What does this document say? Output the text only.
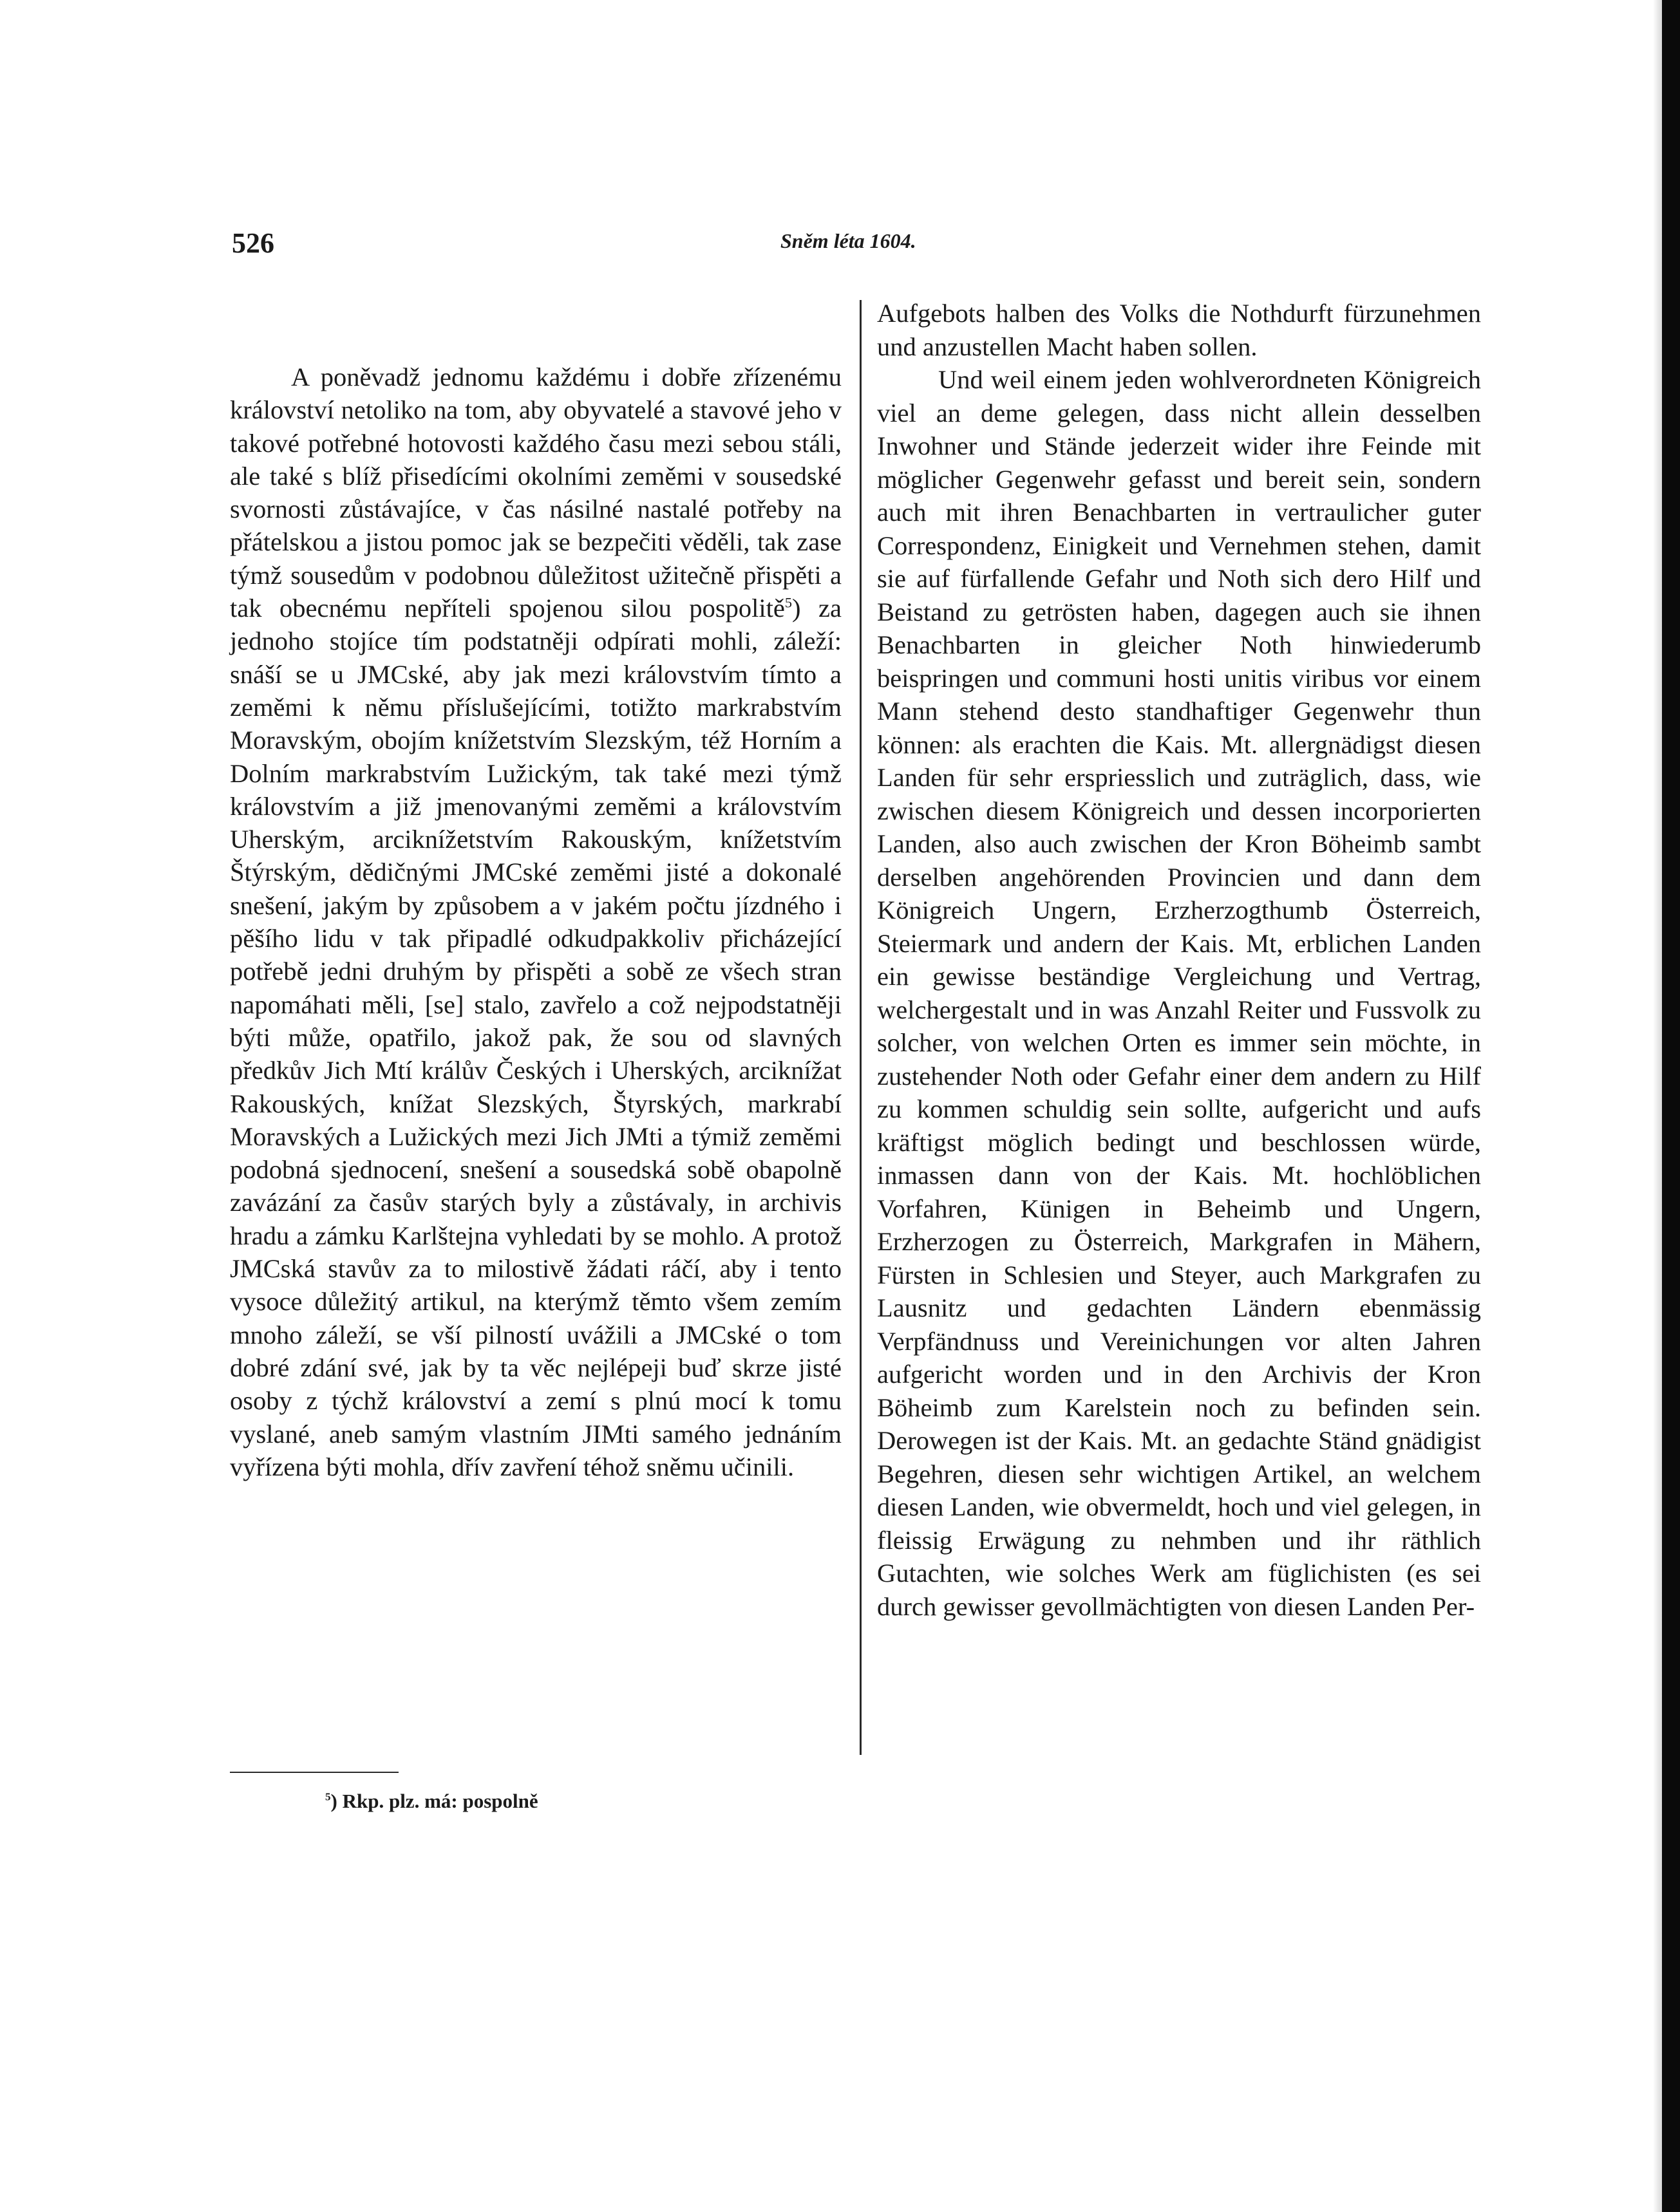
526	Sněm léta 1604.

A poněvadž jednomu každému i dobře zřízenému království netoliko na tom, aby obyvatelé a stavové jeho v takové potřebné hotovosti každého času mezi sebou stáli, ale také s blíž přisedícími okolními zeměmi v sousedské svornosti zůstávajíce, v čas násilné nastalé potřeby na přátelskou a jistou pomoc jak se bezpečiti věděli, tak zase týmž sousedům v podobnou důležitost užitečně přispěti a tak obecnému nepříteli spojenou silou pospolitě$^5$) za jednoho stojíce tím podstatněji odpírati mohli, záleží: snáší se u JMCské, aby jak mezi královstvím tímto a zeměmi k němu příslušejícími, totižto markrabstvím Moravským, obojím knížetstvím Slezským, též Horním a Dolním markrabstvím Lužickým, tak také mezi týmž královstvím a již jmenovanými zeměmi a královstvím Uherským, arciknížetstvím Rakouským, knížetstvím Štýrským, dědičnými JMCské zeměmi jisté a dokonalé snešení, jakým by způsobem a v jakém počtu jízdného i pěšího lidu v tak připadlé odkudpakkoliv přicházející potřebě jedni druhým by přispěti a sobě ze všech stran napomáhati měli, [se] stalo, zavřelo a což nejpodstatněji býti může, opatřilo, jakož pak, že sou od slavných předkův Jich Mtí králův Českých i Uherských, arciknížat Rakouských, knížat Slezských, Štyrských, markrabí Moravských a Lužických mezi Jich JMti a týmiž zeměmi podobná sjednocení, snešení a sousedská sobě obapolně zavázání za časův starých byly a zůstávaly, in archivis hradu a zámku Karlštejna vyhledati by se mohlo. A protož JMCská stavův za to milostivě žádati ráčí, aby i tento vysoce důležitý artikul, na kterýmž těmto všem zemím mnoho záleží, se vší pilností uvážili a JMCské o tom dobré zdání své, jak by ta věc nejlépeji buď skrze jisté osoby z týchž království a zemí s plnú mocí k tomu vyslané, aneb samým vlastním JIMti samého jednáním vyřízena býti mohla, dřív zavření téhož sněmu učinili.

Aufgebots halben des Volks die Nothdurft fürzunehmen und anzustellen Macht haben sollen.

Und weil einem jeden wohlverordneten Königreich viel an deme gelegen, dass nicht allein desselben Inwohner und Stände jederzeit wider ihre Feinde mit möglicher Gegenwehr gefasst und bereit sein, sondern auch mit ihren Benachbarten in vertraulicher guter Correspondenz, Einigkeit und Vernehmen stehen, damit sie auf fürfallende Gefahr und Noth sich dero Hilf und Beistand zu getrösten haben, dagegen auch sie ihnen Benachbarten in gleicher Noth hinwiederumb beispringen und communi hosti unitis viribus vor einem Mann stehend desto standhaftiger Gegenwehr thun können: als erachten die Kais. Mt. allergnädigst diesen Landen für sehr erspriesslich und zuträglich, dass, wie zwischen diesem Königreich und dessen incorporierten Landen, also auch zwischen der Kron Böheimb sambt derselben angehörenden Provincien und dann dem Königreich Ungern, Erzherzogthumb Österreich, Steiermark und andern der Kais. Mt, erblichen Landen ein gewisse beständige Vergleichung und Vertrag, welchergestalt und in was Anzahl Reiter und Fussvolk zu solcher, von welchen Orten es immer sein möchte, in zustehender Noth oder Gefahr einer dem andern zu Hilf zu kommen schuldig sein sollte, aufgericht und aufs kräftigst möglich bedingt und beschlossen würde, inmassen dann von der Kais. Mt. hochlöblichen Vorfahren, Künigen in Beheimb und Ungern, Erzherzogen zu Österreich, Markgrafen in Mähern, Fürsten in Schlesien und Steyer, auch Markgrafen zu Lausnitz und gedachten Ländern ebenmässig Verpfändnuss und Vereinichungen vor alten Jahren aufgericht worden und in den Archivis der Kron Böheimb zum Karelstein noch zu befinden sein. Derowegen ist der Kais. Mt. an gedachte Ständ gnädigist Begehren, diesen sehr wichtigen Artikel, an welchem diesen Landen, wie obvermeldt, hoch und viel gelegen, in fleissig Erwägung zu nehmben und ihr räthlich Gutachten, wie solches Werk am füglichisten (es sei durch gewisser gevollmächtigten von diesen Landen Per-

$^5$) Rkp. plz. má: pospolně
